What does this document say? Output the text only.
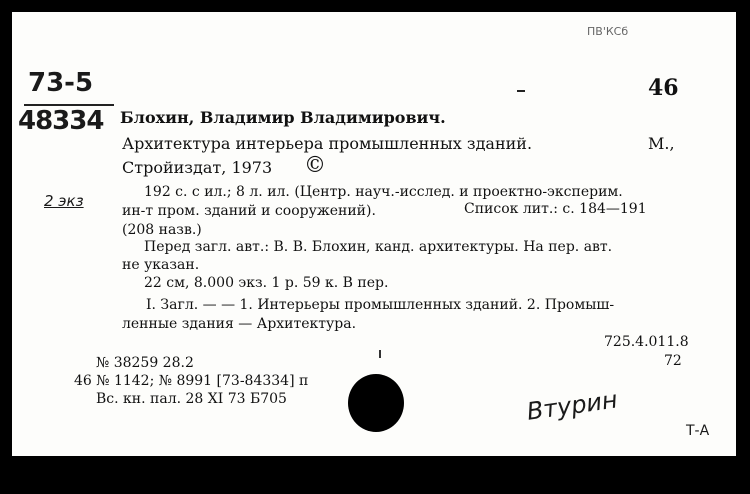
ПВ'КСб
73-5
48334
46
Блохин, Владимир Владимирович.
Архитектура интерьера промышленных зданий.	М.,
Стройиздат, 1973 ©
2 экз	192 с. с ил.; 8 л. ил. (Центр. науч.-исслед. и проектно-эксперим.
ин-т пром. зданий и сооружений).	Список лит.: с. 184—191
(208 назв.)
Перед загл. авт.: В. В. Блохин, канд. архитектуры. На пер. авт.
не указан.
22 см, 8.000 экз. 1 р. 59 к. В пер.
I. Загл. — — 1. Интерьеры промышленных зданий. 2. Промыш-
ленные здания — Архитектура.
725.4.011.8
72
№ 38259 28.2
46 № 1142; № 8991 [73-84334] п
Вс. кн. пал. 28 XI 73 Б705	Втурин
Т-А
